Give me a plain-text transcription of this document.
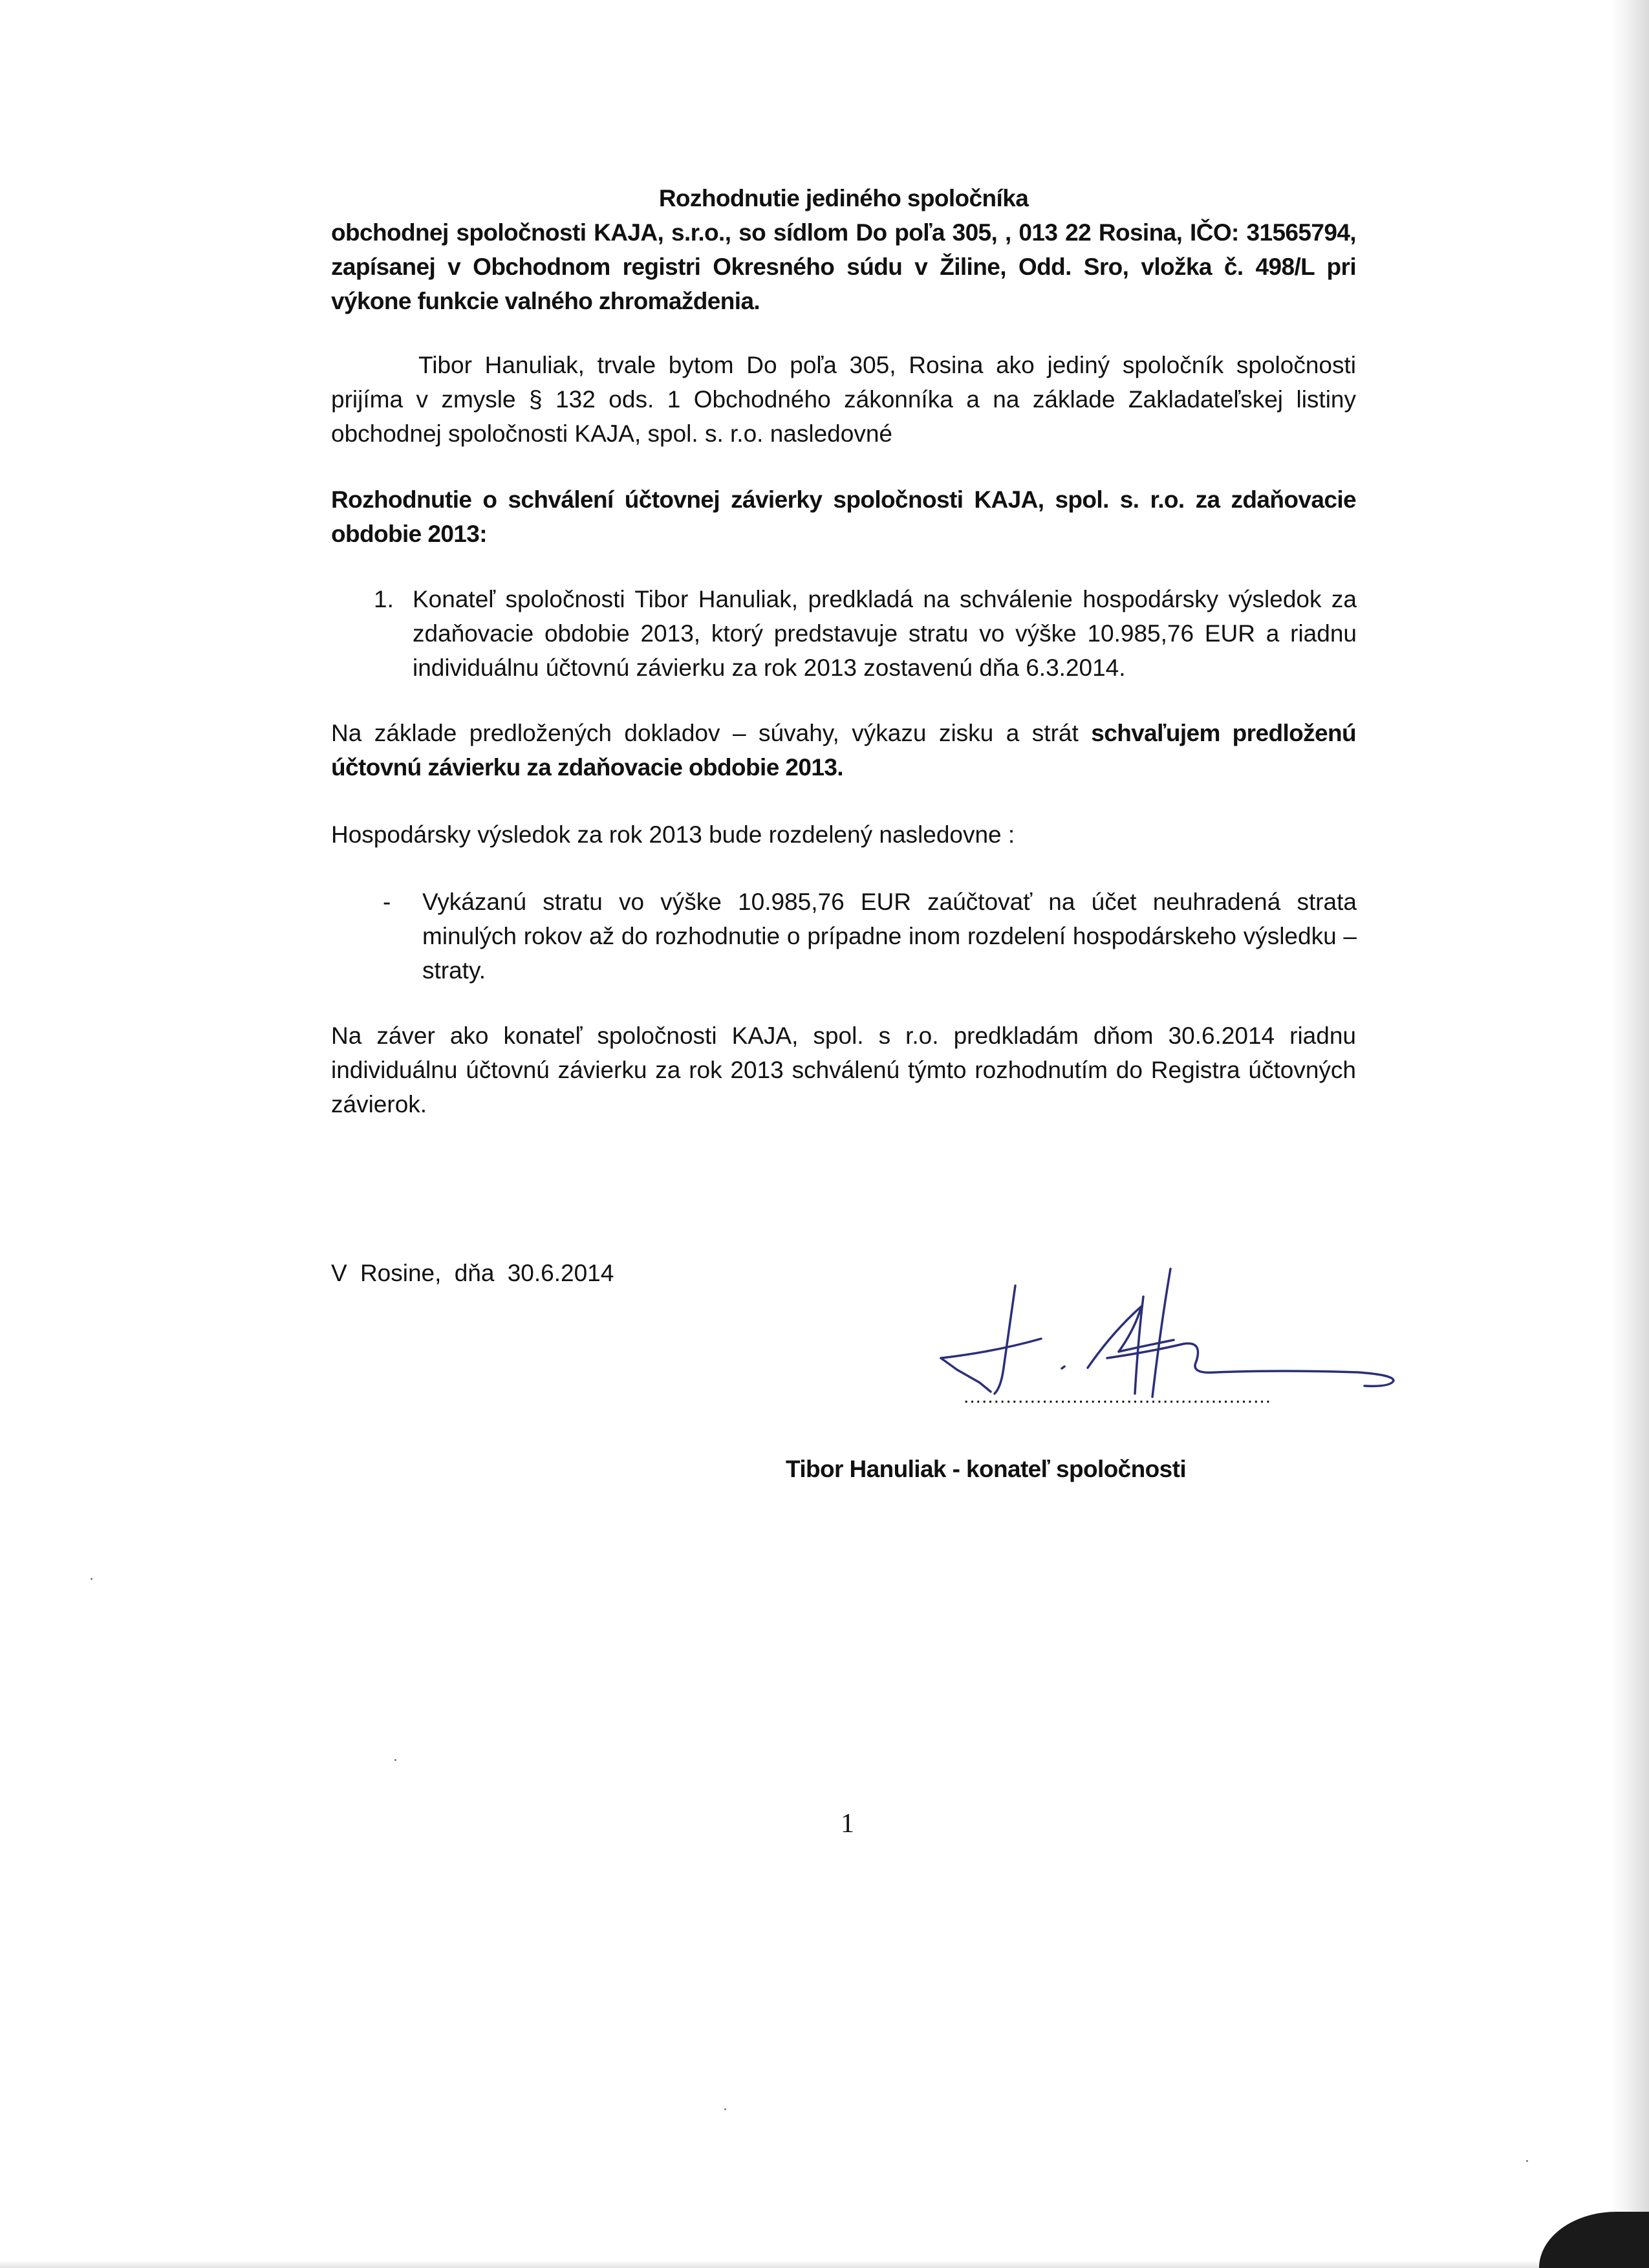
Rozhodnutie jediného spoločníka

obchodnej spoločnosti KAJA, s.r.o., so sídlom Do poľa 305, , 013 22 Rosina, IČO: 31565794, zapísanej v Obchodnom registri Okresného súdu v Žiline, Odd. Sro, vložka č. 498/L pri výkone funkcie valného zhromaždenia.

Tibor Hanuliak, trvale bytom Do poľa 305, Rosina ako jediný spoločník spoločnosti prijíma v zmysle § 132 ods. 1 Obchodného zákonníka a na základe Zakladateľskej listiny obchodnej spoločnosti KAJA, spol. s. r.o. nasledovné

Rozhodnutie o schválení účtovnej závierky spoločnosti KAJA, spol. s. r.o. za zdaňovacie obdobie 2013:

1. Konateľ spoločnosti Tibor Hanuliak, predkladá na schválenie hospodársky výsledok za zdaňovacie obdobie 2013, ktorý predstavuje stratu vo výške 10.985,76 EUR a riadnu individuálnu účtovnú závierku za rok 2013 zostavenú dňa 6.3.2014.

Na základe predložených dokladov – súvahy, výkazu zisku a strát schvaľujem predloženú účtovnú závierku za zdaňovacie obdobie 2013.

Hospodársky výsledok za rok 2013 bude rozdelený nasledovne :

- Vykázanú stratu vo výške 10.985,76 EUR zaúčtovať na účet neuhradená strata minulých rokov až do rozhodnutie o prípadne inom rozdelení hospodárskeho výsledku – straty.

Na záver ako konateľ spoločnosti KAJA, spol. s r.o. predkladám dňom 30.6.2014 riadnu individuálnu účtovnú závierku za rok 2013 schválenú týmto rozhodnutím do Registra účtovných závierok.

V Rosine, dňa 30.6.2014

...................................................

Tibor Hanuliak - konateľ spoločnosti

1
